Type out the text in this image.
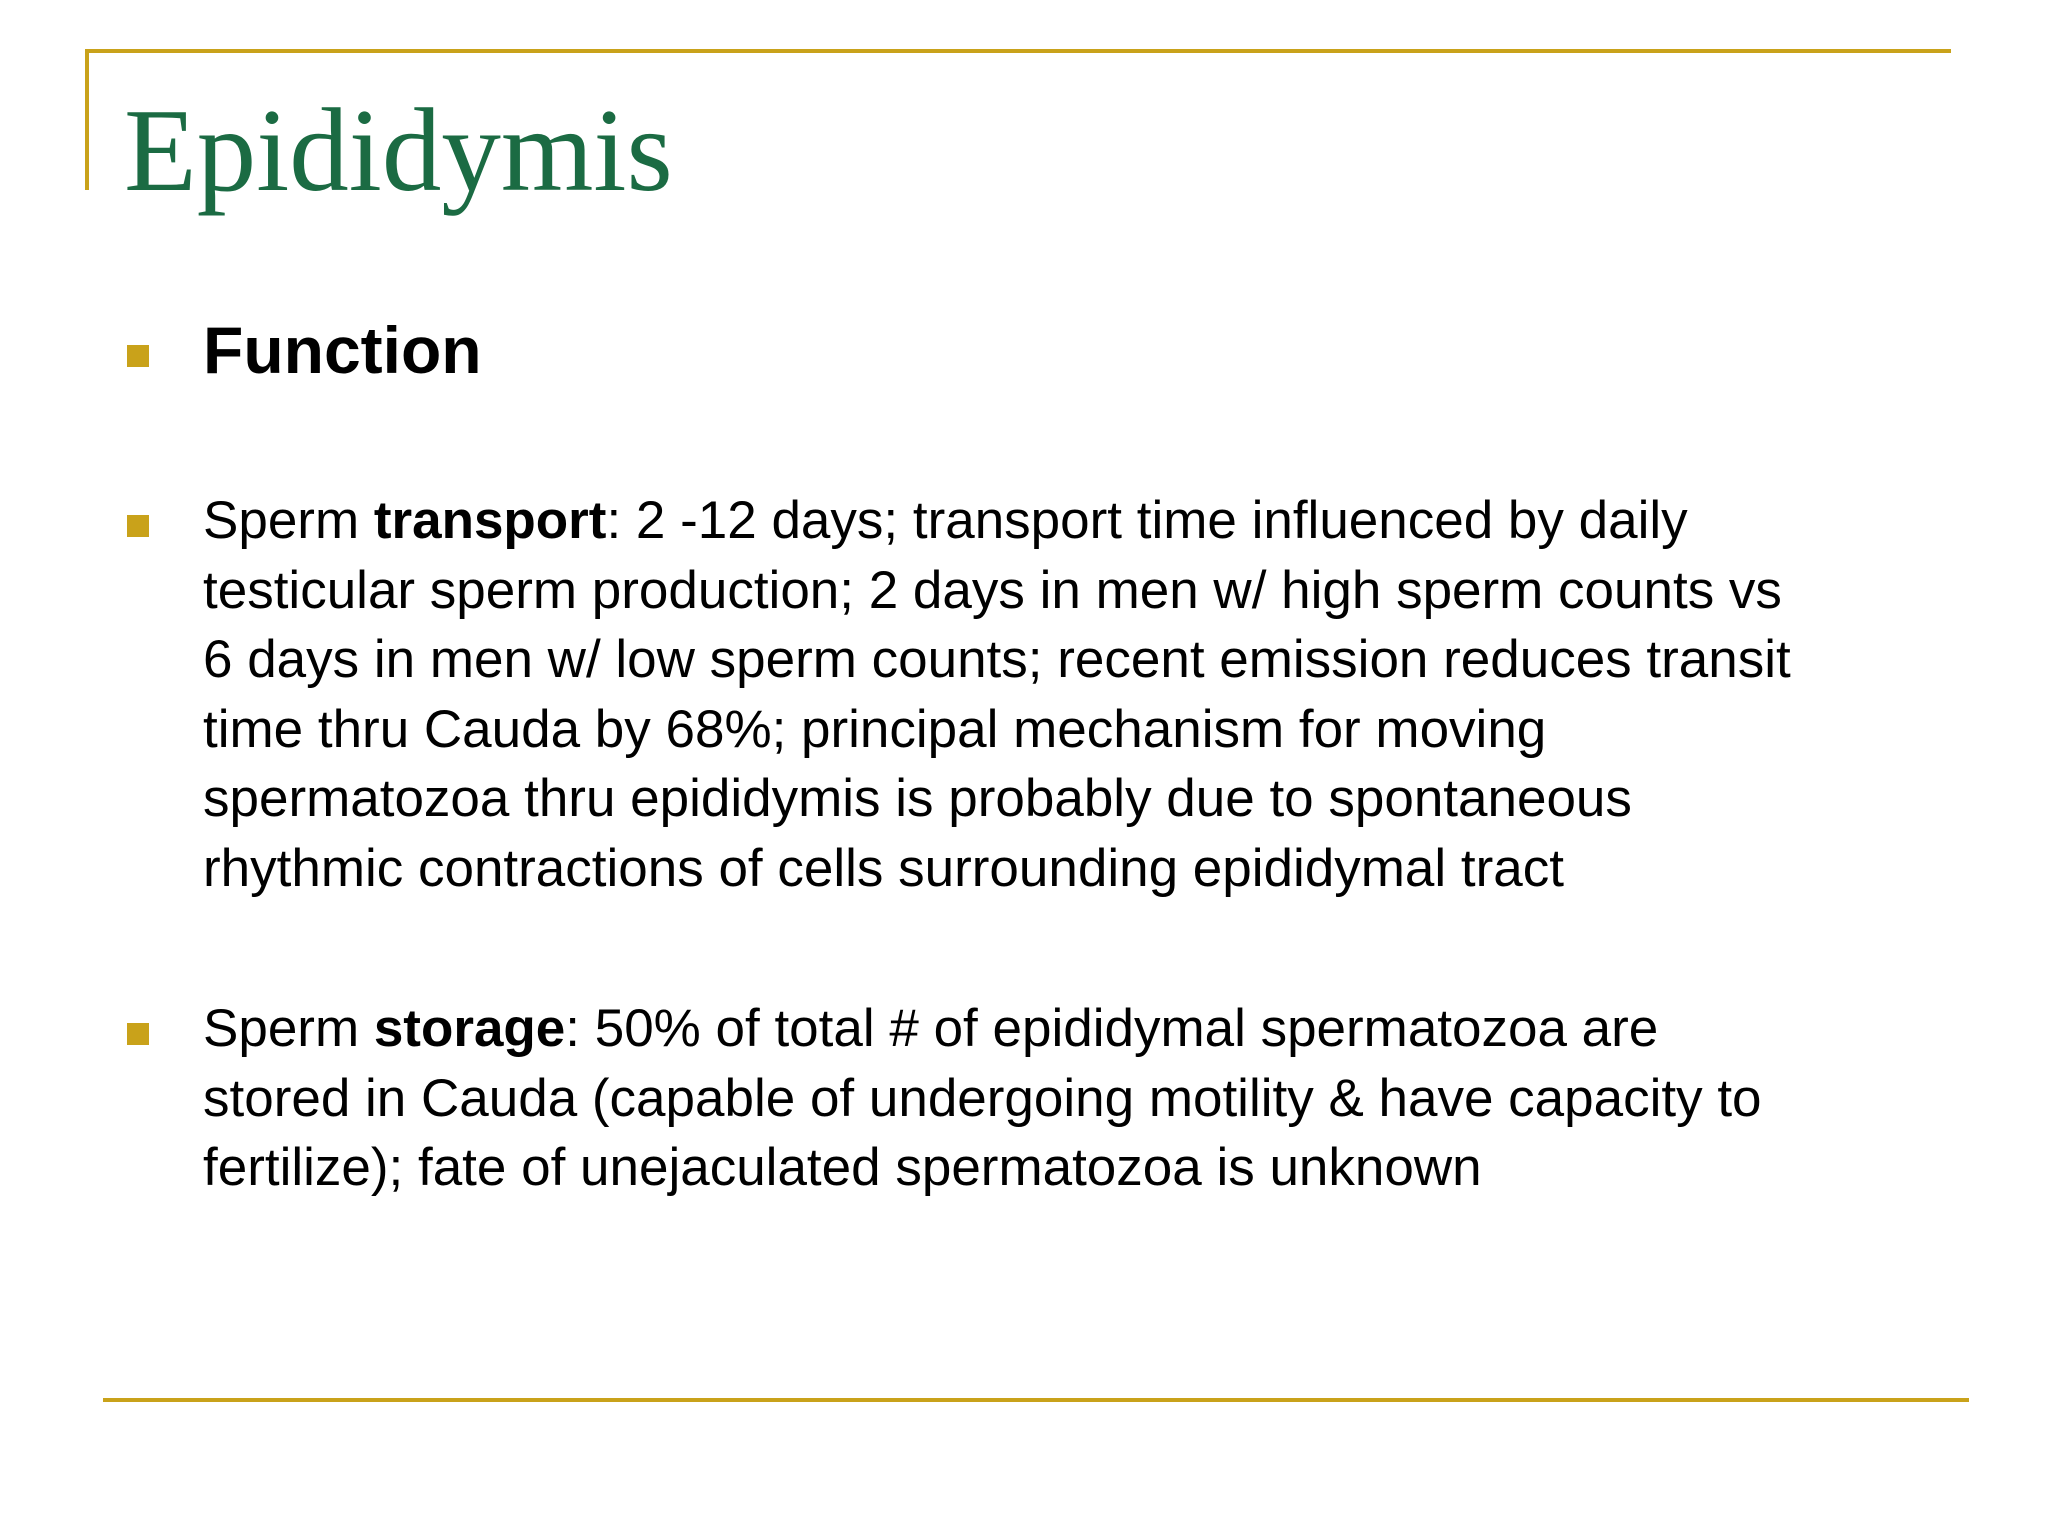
Epididymis
Function

Sperm transport: 2 -12 days; transport time influenced by daily
testicular sperm production; 2 days in men w/ high sperm counts vs
6 days in men w/ low sperm counts; recent emission reduces transit
time thru Cauda by 68%; principal mechanism for moving
spermatozoa thru epididymis is probably due to spontaneous
rhythmic contractions of cells surrounding epididymal tract

Sperm storage: 50% of total # of epididymal spermatozoa are
stored in Cauda (capable of undergoing motility & have capacity to
fertilize); fate of unejaculated spermatozoa is unknown
